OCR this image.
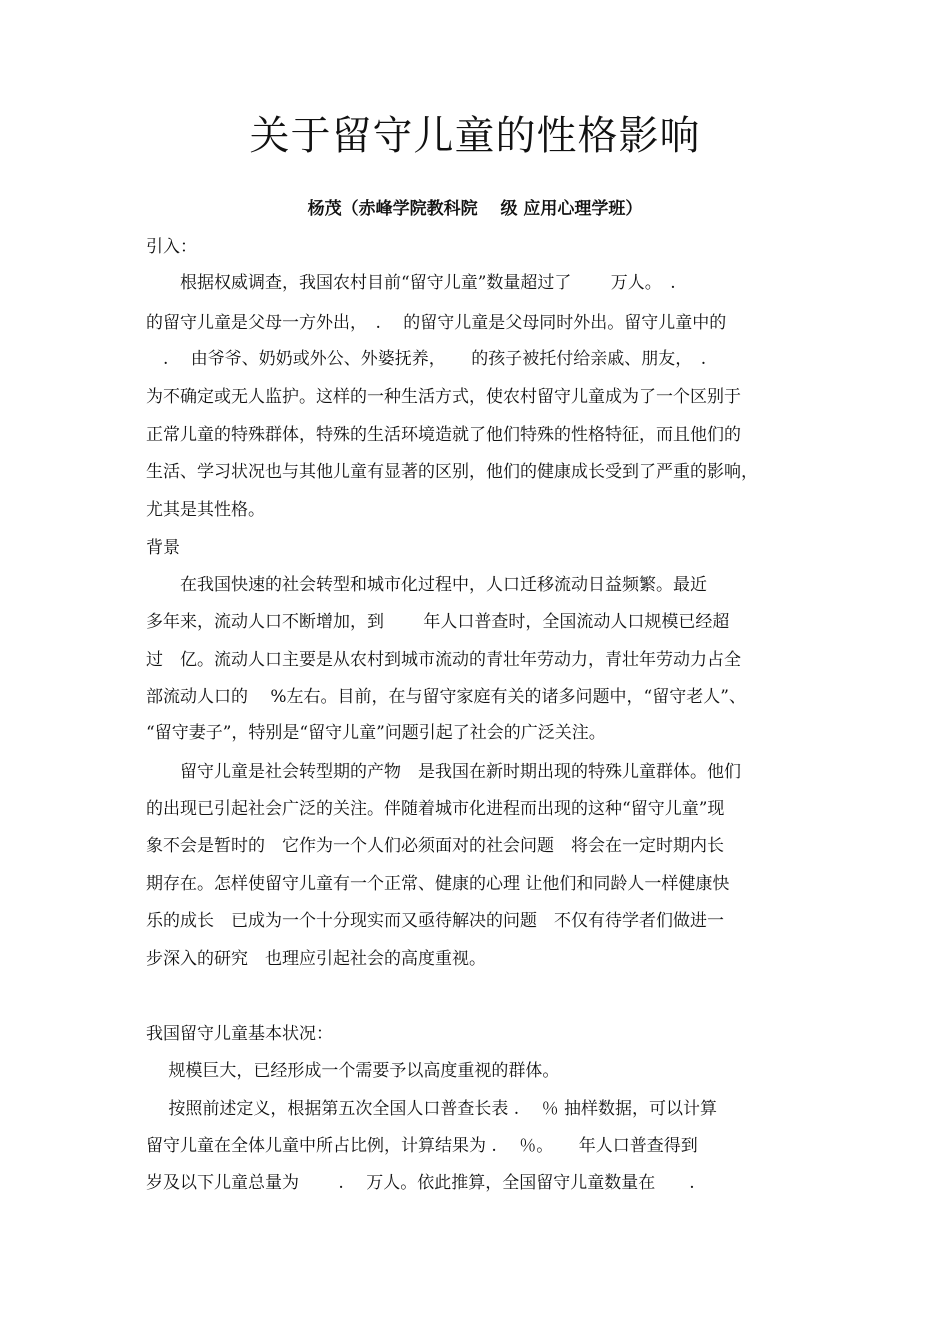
关于留守儿童的性格影响

杨茂（赤峰学院教科院　 级 应用心理学班）

引入：

　　根据权威调查，我国农村目前“留守儿童”数量超过了　　 万人。　.

的留守儿童是父母一方外出，　.　 的留守儿童是父母同时外出。留守儿童中的

　.　 由爷爷、奶奶或外公、外婆抚养，　　的孩子被托付给亲戚、朋友，　.

为不确定或无人监护。这样的一种生活方式，使农村留守儿童成为了一个区别于

正常儿童的特殊群体，特殊的生活环境造就了他们特殊的性格特征，而且他们的

生活、学习状况也与其他儿童有显著的区别，他们的健康成长受到了严重的影响，

尤其是其性格。

背景

　　在我国快速的社会转型和城市化过程中，人口迁移流动日益频繁。最近

多年来，流动人口不断增加，到　　 年人口普查时，全国流动人口规模已经超

过　亿。流动人口主要是从农村到城市流动的青壮年劳动力，青壮年劳动力占全

部流动人口的　 %左右。目前，在与留守家庭有关的诸多问题中，“留守老人”、

“留守妻子”，特别是“留守儿童”问题引起了社会的广泛关注。

　　留守儿童是社会转型期的产物　是我国在新时期出现的特殊儿童群体。他们

的出现已引起社会广泛的关注。伴随着城市化进程而出现的这种“留守儿童”现

象不会是暂时的　它作为一个人们必须面对的社会问题　将会在一定时期内长

期存在。怎样使留守儿童有一个正常、健康的心理 让他们和同龄人一样健康快

乐的成长　已成为一个十分现实而又亟待解决的问题　不仅有待学者们做进一

步深入的研究　也理应引起社会的高度重视。

我国留守儿童基本状况：

　规模巨大，已经形成一个需要予以高度重视的群体。

　 按照前述定义，根据第五次全国人口普查长表 .　 ％ 抽样数据，可以计算

留守儿童在全体儿童中所占比例，计算结果为 .　 ％。　　年人口普查得到

岁及以下儿童总量为　　 .　 万人。依此推算，全国留守儿童数量在　　.
